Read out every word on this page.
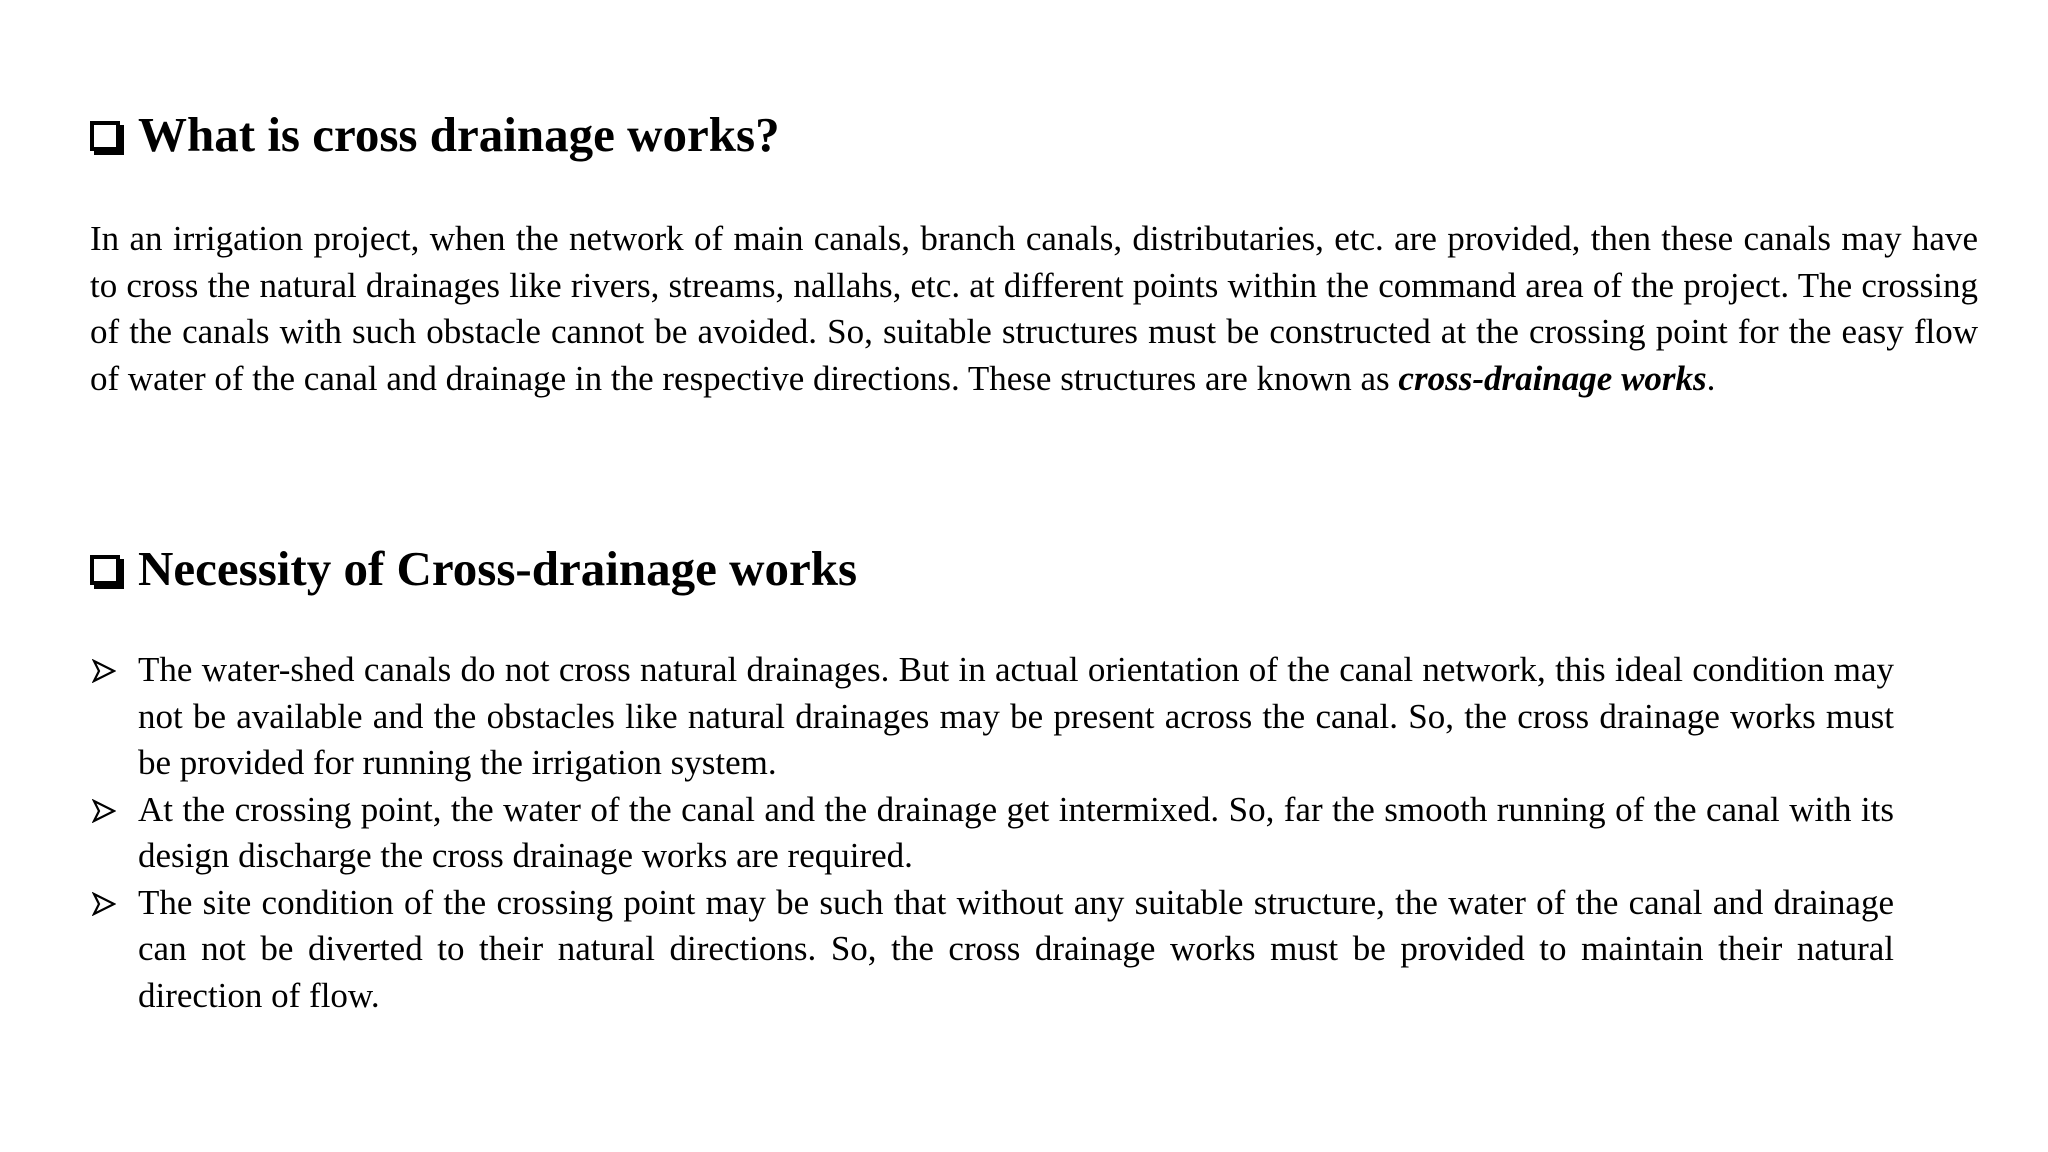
What is cross drainage works?

In an irrigation project, when the network of main canals, branch canals, distributaries, etc. are provided, then these canals may have to cross the natural drainages like rivers, streams, nallahs, etc. at different points within the command area of the project. The crossing of the canals with such obstacle cannot be avoided. So, suitable structures must be constructed at the crossing point for the easy flow of water of the canal and drainage in the respective directions. These structures are known as cross-drainage works.

Necessity of Cross-drainage works
The water-shed canals do not cross natural drainages. But in actual orientation of the canal network, this ideal condition may not be available and the obstacles like natural drainages may be present across the canal. So, the cross drainage works must be provided for running the irrigation system.
At the crossing point, the water of the canal and the drainage get intermixed. So, far the smooth running of the canal with its design discharge the cross drainage works are required.
The site condition of the crossing point may be such that without any suitable structure, the water of the canal and drainage can not be diverted to their natural directions. So, the cross drainage works must be provided to maintain their natural direction of flow.
